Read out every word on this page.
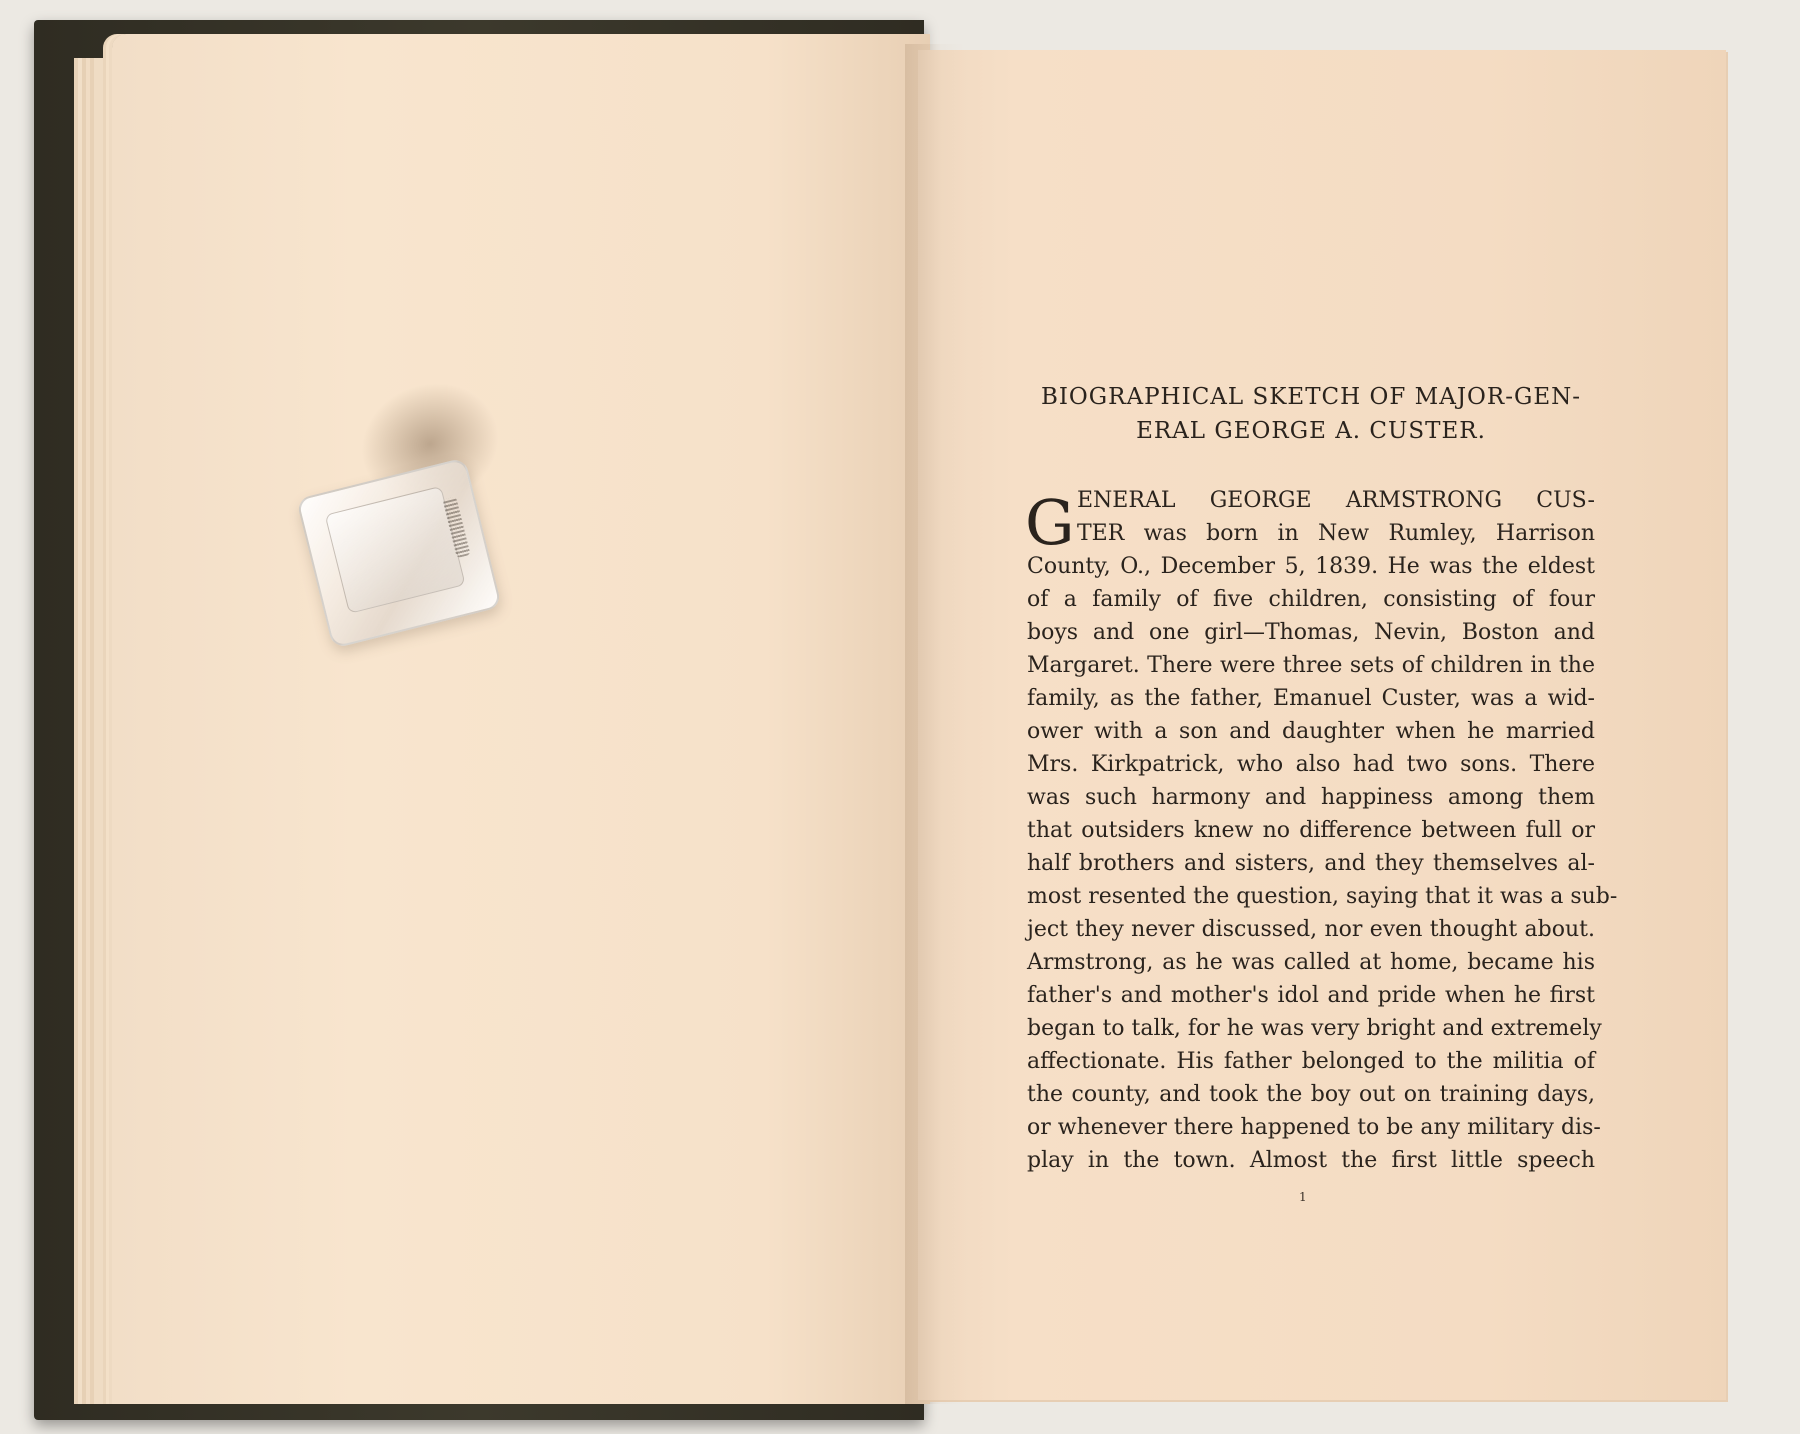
BIOGRAPHICAL SKETCH OF MAJOR-GEN-
ERAL GEORGE A. CUSTER.
G ENERAL GEORGE ARMSTRONG CUS-
TER was born in New Rumley, Harrison
County, O., December 5, 1839. He was the eldest
of a family of five children, consisting of four
boys and one girl—Thomas, Nevin, Boston and
Margaret. There were three sets of children in the
family, as the father, Emanuel Custer, was a wid-
ower with a son and daughter when he married
Mrs. Kirkpatrick, who also had two sons. There
was such harmony and happiness among them
that outsiders knew no difference between full or
half brothers and sisters, and they themselves al-
most resented the question, saying that it was a sub-
ject they never discussed, nor even thought about.
Armstrong, as he was called at home, became his
father's and mother's idol and pride when he first
began to talk, for he was very bright and extremely
affectionate. His father belonged to the militia of
the county, and took the boy out on training days,
or whenever there happened to be any military dis-
play in the town. Almost the first little speech
1
